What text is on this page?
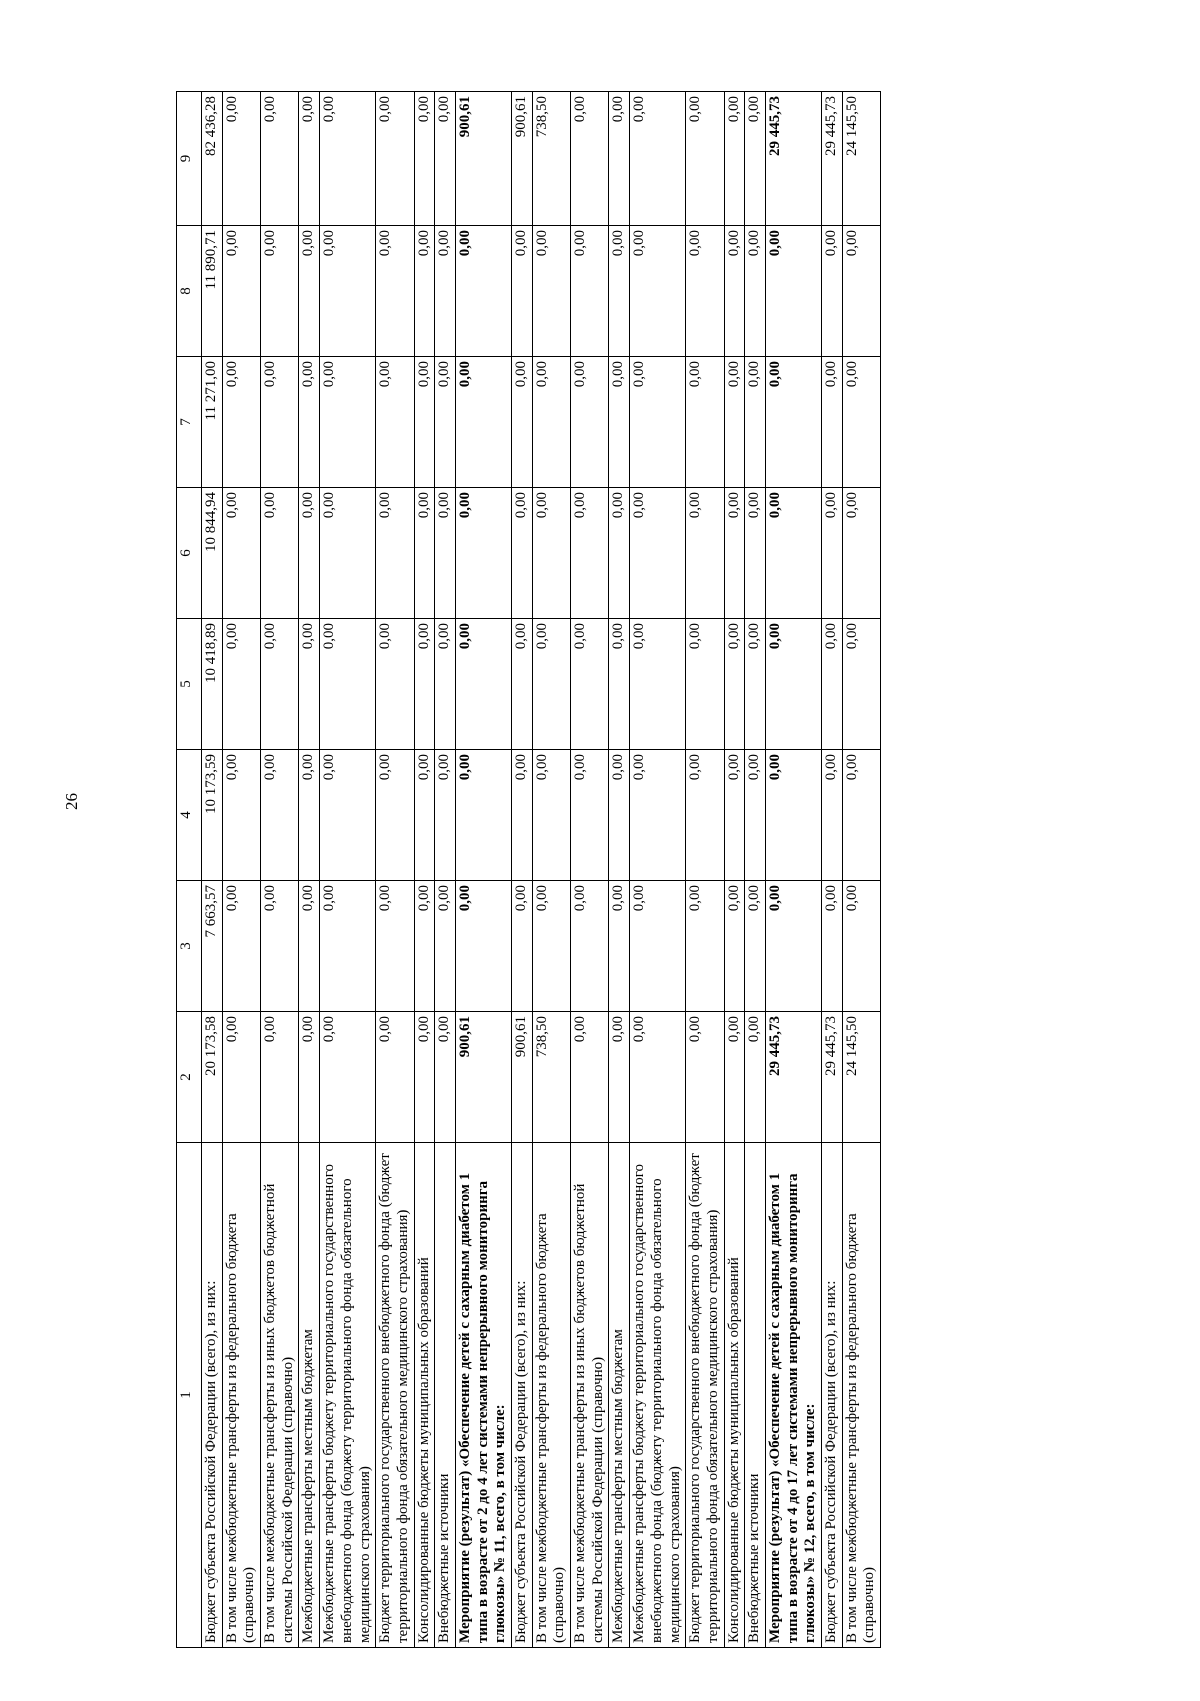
26
1	2	3	4	5	6	7	8	9
Бюджет субъекта Российской Федерации (всего), из них:	20 173,58	7 663,57	10 173,59	10 418,89	10 844,94	11 271,00	11 890,71	82 436,28
В том числе межбюджетные трансферты из федерального бюджета (справочно)	0,00	0,00	0,00	0,00	0,00	0,00	0,00	0,00
В том числе межбюджетные трансферты из иных бюджетов бюджетной системы Российской Федерации (справочно)	0,00	0,00	0,00	0,00	0,00	0,00	0,00	0,00
Межбюджетные трансферты местным бюджетам	0,00	0,00	0,00	0,00	0,00	0,00	0,00	0,00
Межбюджетные трансферты бюджету территориального государственного внебюджетного фонда (бюджету территориального фонда обязательного медицинского страхования)	0,00	0,00	0,00	0,00	0,00	0,00	0,00	0,00
Бюджет территориального государственного внебюджетного фонда (бюджет территориального фонда обязательного медицинского страхования)	0,00	0,00	0,00	0,00	0,00	0,00	0,00	0,00
Консолидированные бюджеты муниципальных образований	0,00	0,00	0,00	0,00	0,00	0,00	0,00	0,00
Внебюджетные источники	0,00	0,00	0,00	0,00	0,00	0,00	0,00	0,00
Мероприятие (результат) «Обеспечение детей с сахарным диабетом 1 типа в возрасте от 2 до 4 лет системами непрерывного мониторинга глюкозы» № 11, всего, в том числе:	900,61	0,00	0,00	0,00	0,00	0,00	0,00	900,61
Бюджет субъекта Российской Федерации (всего), из них:	900,61	0,00	0,00	0,00	0,00	0,00	0,00	900,61
В том числе межбюджетные трансферты из федерального бюджета (справочно)	738,50	0,00	0,00	0,00	0,00	0,00	0,00	738,50
В том числе межбюджетные трансферты из иных бюджетов бюджетной системы Российской Федерации (справочно)	0,00	0,00	0,00	0,00	0,00	0,00	0,00	0,00
Межбюджетные трансферты местным бюджетам	0,00	0,00	0,00	0,00	0,00	0,00	0,00	0,00
Межбюджетные трансферты бюджету территориального государственного внебюджетного фонда (бюджету территориального фонда обязательного медицинского страхования)	0,00	0,00	0,00	0,00	0,00	0,00	0,00	0,00
Бюджет территориального государственного внебюджетного фонда (бюджет территориального фонда обязательного медицинского страхования)	0,00	0,00	0,00	0,00	0,00	0,00	0,00	0,00
Консолидированные бюджеты муниципальных образований	0,00	0,00	0,00	0,00	0,00	0,00	0,00	0,00
Внебюджетные источники	0,00	0,00	0,00	0,00	0,00	0,00	0,00	0,00
Мероприятие (результат) «Обеспечение детей с сахарным диабетом 1 типа в возрасте от 4 до 17 лет системами непрерывного мониторинга глюкозы» № 12, всего, в том числе:	29 445,73	0,00	0,00	0,00	0,00	0,00	0,00	29 445,73
Бюджет субъекта Российской Федерации (всего), из них:	29 445,73	0,00	0,00	0,00	0,00	0,00	0,00	29 445,73
В том числе межбюджетные трансферты из федерального бюджета (справочно)	24 145,50	0,00	0,00	0,00	0,00	0,00	0,00	24 145,50
